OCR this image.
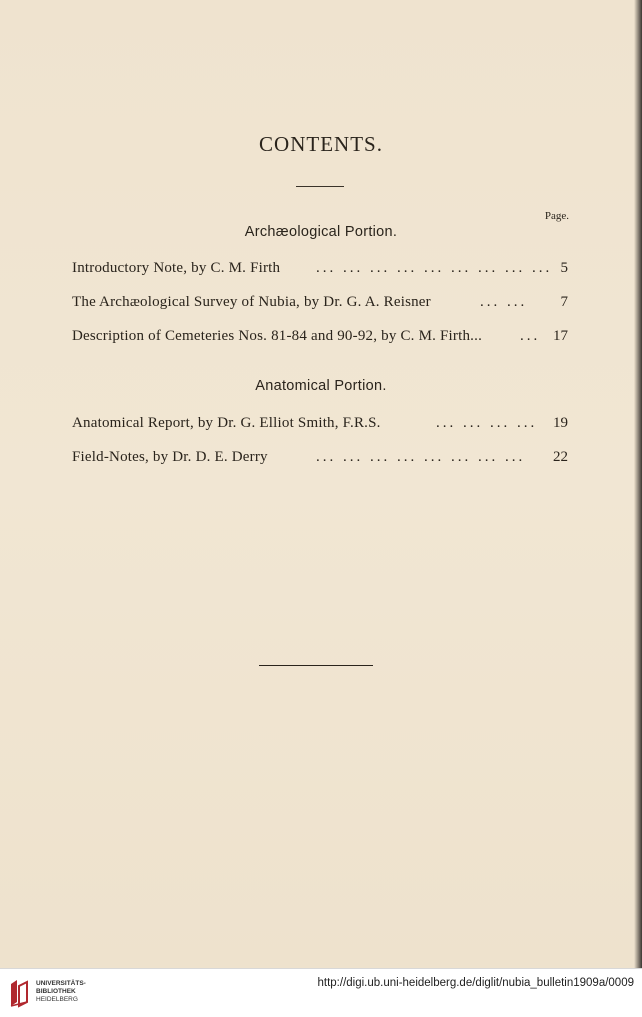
CONTENTS.
Page.
Archæological Portion.
Introductory Note, by C. M. Firth ... ... ... ... ... ... ... ... ... 5
The Archæological Survey of Nubia, by Dr. G. A. Reisner	... ... 7
Description of Cemeteries Nos. 81-84 and 90-92, by C. M. Firth...	... 17
Anatomical Portion.
Anatomical Report, by Dr. G. Elliot Smith, F.R.S.	... ... ... ... 19
Field-Notes, by Dr. D. E. Derry	... ... ... ... ... ... ... ... 22
UNIVERSITÄTS-
BIBLIOTHEK
HEIDELBERG
http://digi.ub.uni-heidelberg.de/diglit/nubia_bulletin1909a/0009
